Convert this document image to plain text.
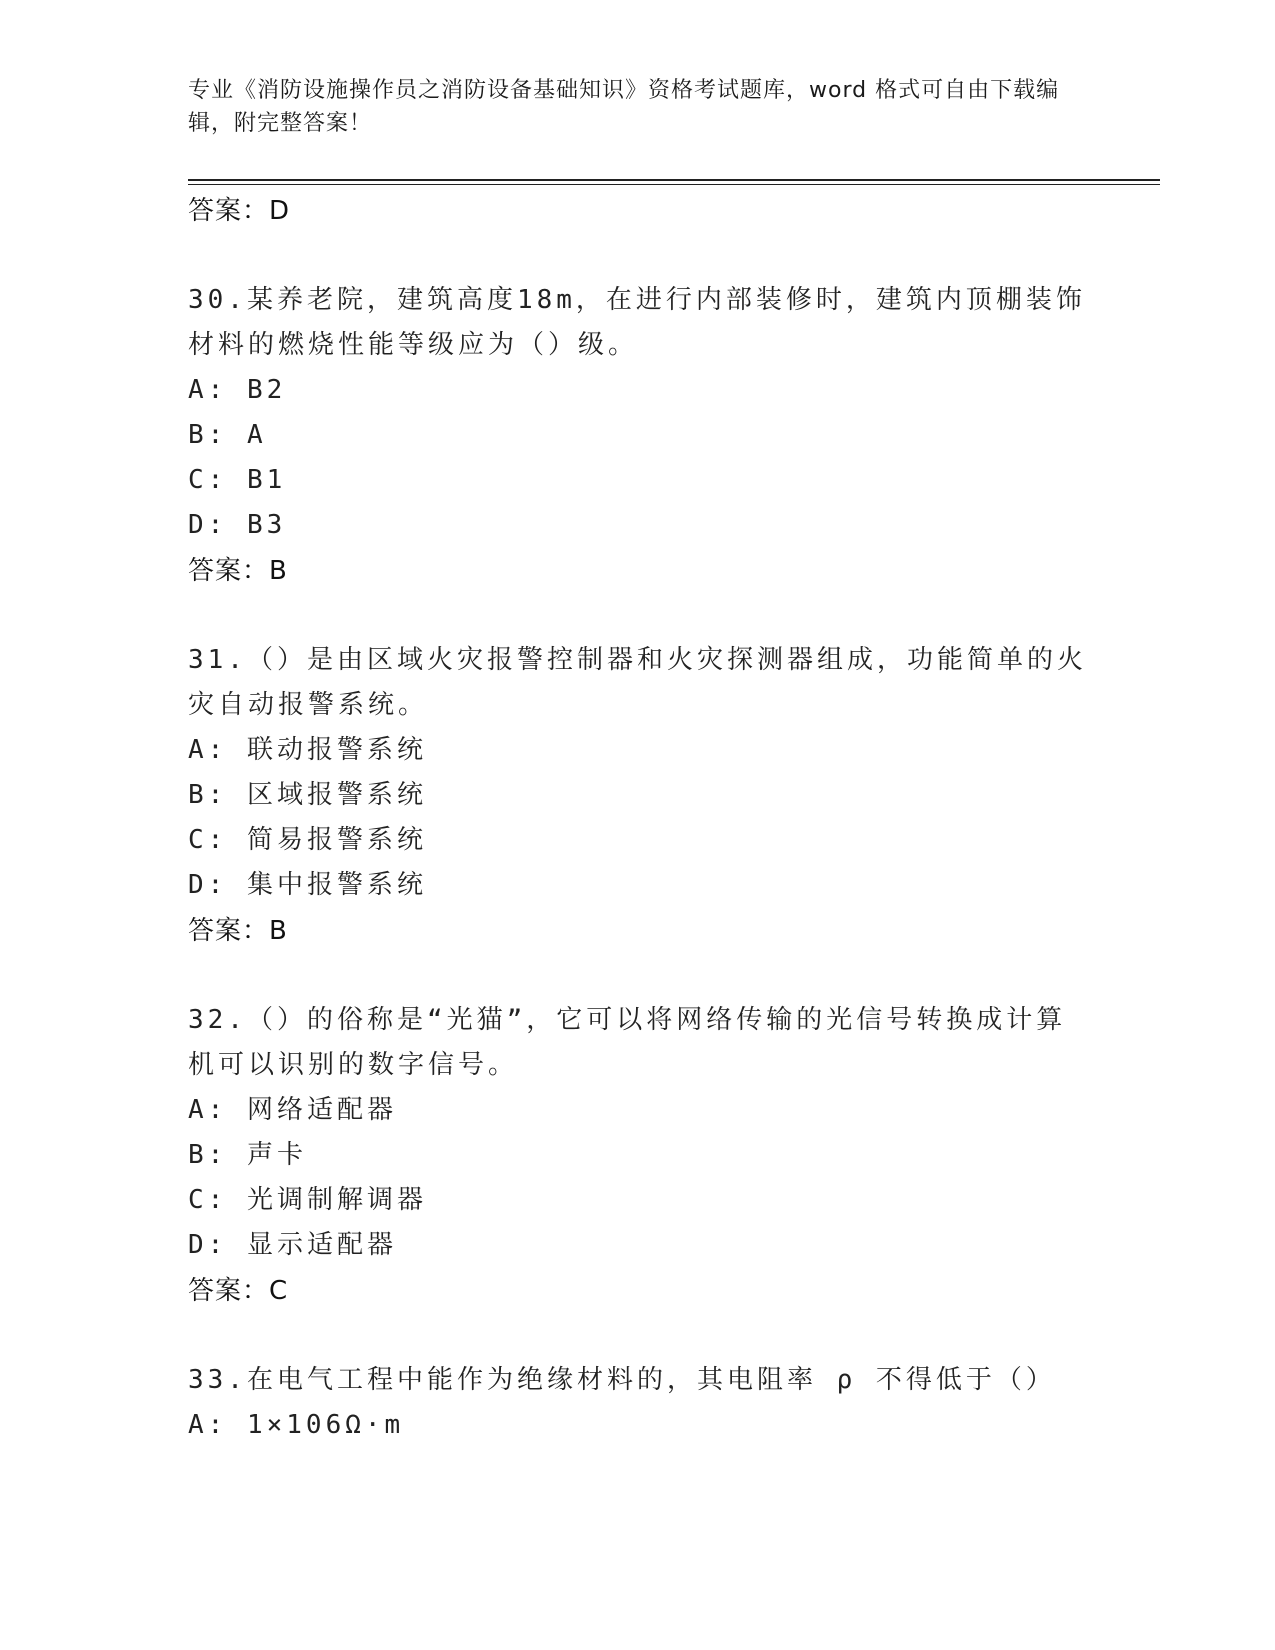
专业《消防设施操作员之消防设备基础知识》资格考试题库，word 格式可自由下载编辑，附完整答案！
答案：D

30.某养老院，建筑高度18m，在进行内部装修时，建筑内顶棚装饰材料的燃烧性能等级应为（）级。

A: B2
B: A
C: B1
D: B3
答案：B

31.（）是由区域火灾报警控制器和火灾探测器组成，功能简单的火灾自动报警系统。

A: 联动报警系统
B: 区域报警系统
C: 简易报警系统
D: 集中报警系统
答案：B

32.（）的俗称是“光猫”，它可以将网络传输的光信号转换成计算机可以识别的数字信号。

A: 网络适配器
B: 声卡
C: 光调制解调器
D: 显示适配器
答案：C

33.在电气工程中能作为绝缘材料的，其电阻率 ρ 不得低于（）

A: 1×106Ω·m
